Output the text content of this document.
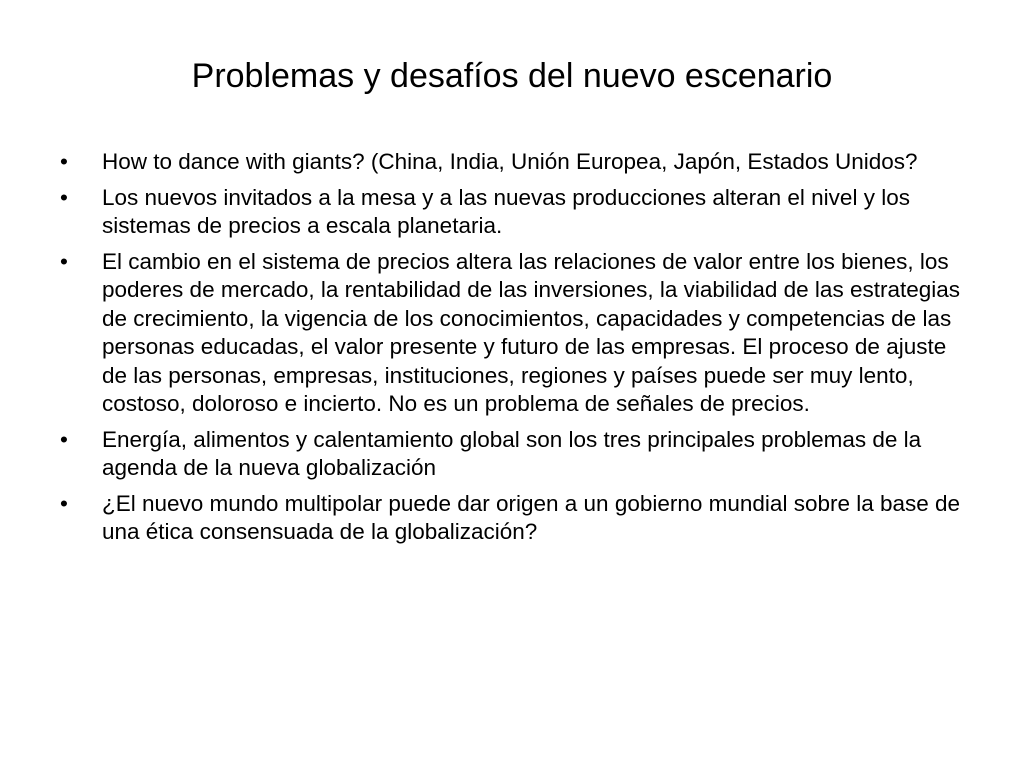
Problemas y desafíos del nuevo escenario
•	How to dance with giants? (China, India, Unión Europea, Japón, Estados Unidos?
•	Los nuevos invitados a la mesa y a las nuevas producciones alteran el nivel y los sistemas de precios a escala planetaria.
•	El cambio en el sistema de precios altera las relaciones de valor entre los bienes, los poderes de mercado, la rentabilidad de las inversiones, la viabilidad de las estrategias de crecimiento, la vigencia de los conocimientos, capacidades y competencias de las personas educadas, el valor presente y futuro de las empresas. El proceso de ajuste de las personas, empresas, instituciones, regiones y países puede ser muy lento, costoso, doloroso e incierto. No es un problema de señales de precios.
•	Energía, alimentos y calentamiento global son los tres principales problemas de la agenda de la nueva globalización
•	¿El nuevo mundo multipolar puede dar origen a un gobierno mundial sobre la base de una ética consensuada de la globalización?
